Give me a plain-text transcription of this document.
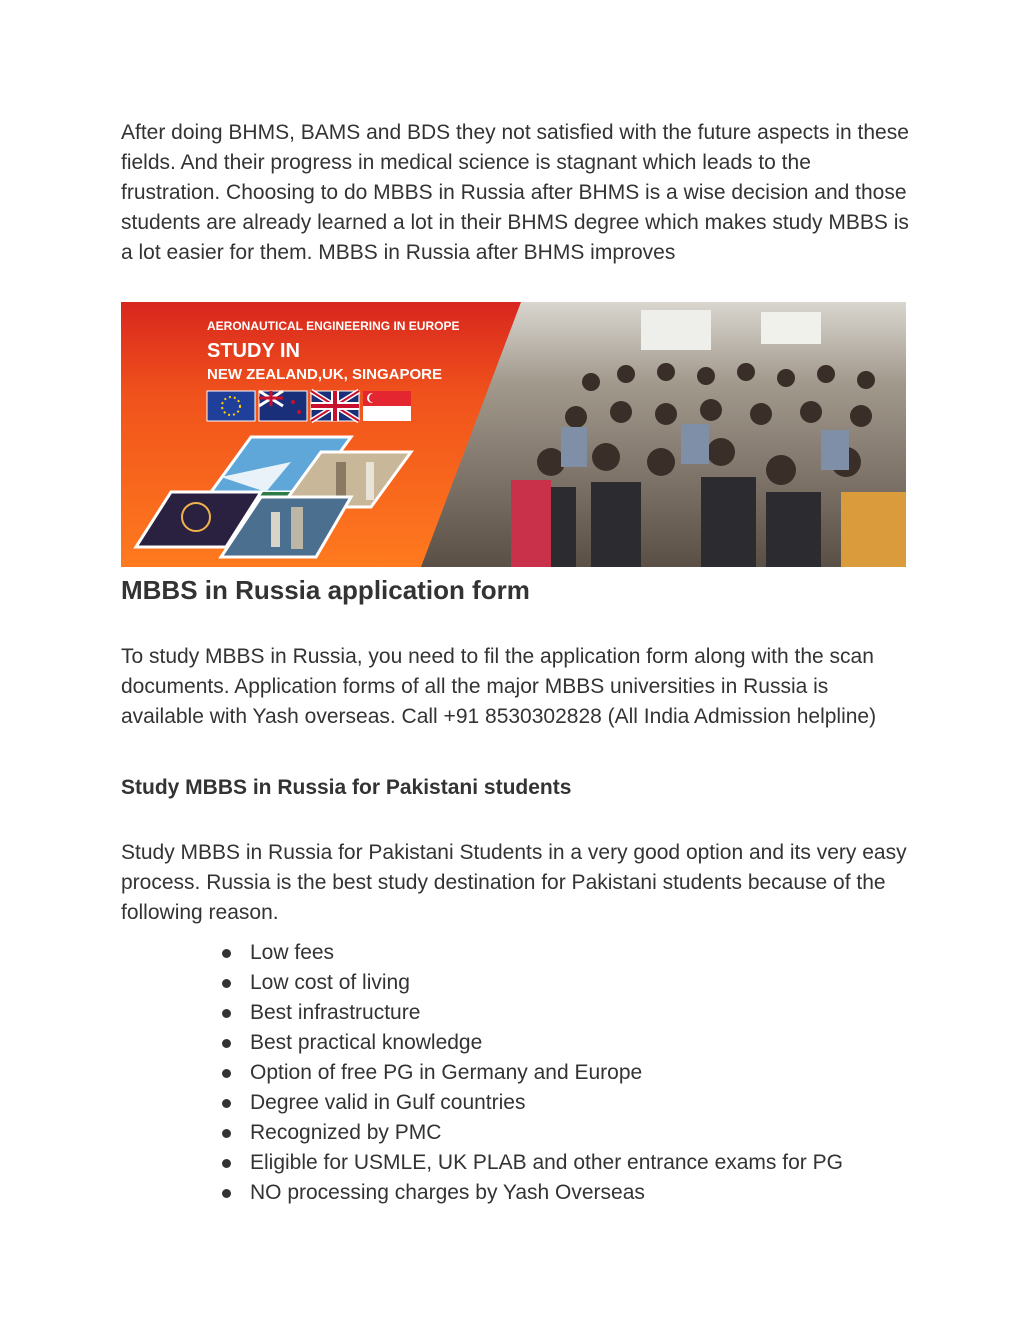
After doing BHMS, BAMS and BDS they not satisfied with the future aspects in these fields. And their progress in medical science is stagnant which leads to the frustration. Choosing to do MBBS in Russia after BHMS is a wise decision and those students are already learned a lot in their BHMS degree which makes study MBBS is a lot easier for them. MBBS in Russia after BHMS improves

AERONAUTICAL ENGINEERING IN EUROPE
STUDY IN
NEW ZEALAND,UK, SINGAPORE
MBBS in Russia application form

To study MBBS in Russia, you need to fil the application form along with the scan documents. Application forms of all the major MBBS universities in Russia is available with Yash overseas. Call +91 8530302828 (All India Admission helpline)

Study MBBS in Russia for Pakistani students

Study MBBS in Russia for Pakistani Students in a very good option and its very easy process. Russia is the best study destination for Pakistani students because of the following reason.

Low fees
Low cost of living
Best infrastructure
Best practical knowledge
Option of free PG in Germany and Europe
Degree valid in Gulf countries
Recognized by PMC
Eligible for USMLE, UK PLAB and other entrance exams for PG
NO processing charges by Yash Overseas
